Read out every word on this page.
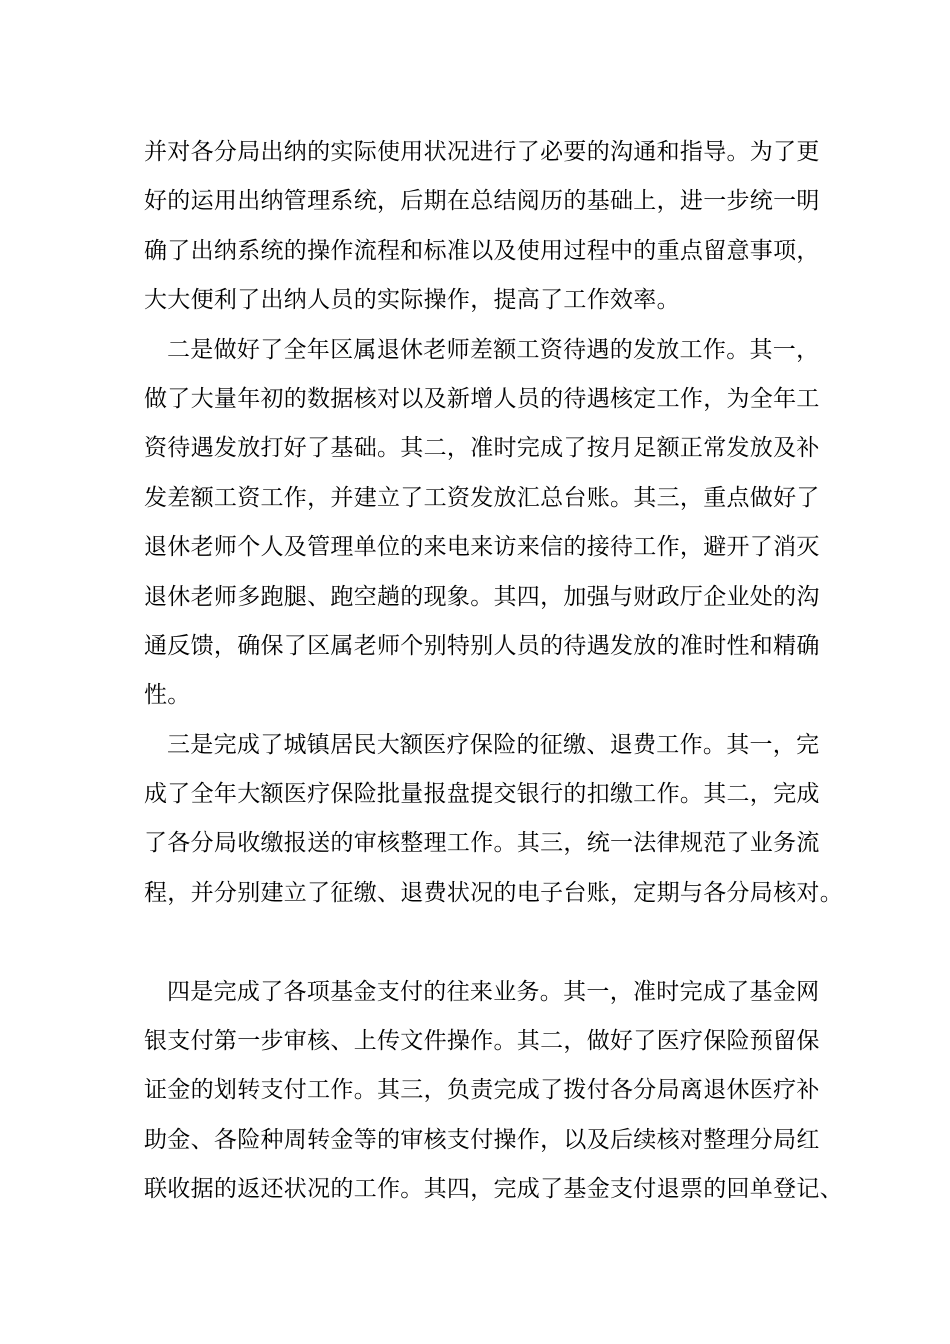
并对各分局出纳的实际使用状况进行了必要的沟通和指导。为了更
好的运用出纳管理系统，后期在总结阅历的基础上，进一步统一明
确了出纳系统的操作流程和标准以及使用过程中的重点留意事项，
大大便利了出纳人员的实际操作，提高了工作效率。
二是做好了全年区属退休老师差额工资待遇的发放工作。其一，
做了大量年初的数据核对以及新增人员的待遇核定工作，为全年工
资待遇发放打好了基础。其二，准时完成了按月足额正常发放及补
发差额工资工作，并建立了工资发放汇总台账。其三，重点做好了
退休老师个人及管理单位的来电来访来信的接待工作，避开了消灭
退休老师多跑腿、跑空趟的现象。其四，加强与财政厅企业处的沟
通反馈，确保了区属老师个别特别人员的待遇发放的准时性和精确
性。
三是完成了城镇居民大额医疗保险的征缴、退费工作。其一，完
成了全年大额医疗保险批量报盘提交银行的扣缴工作。其二，完成
了各分局收缴报送的审核整理工作。其三，统一法律规范了业务流
程，并分别建立了征缴、退费状况的电子台账，定期与各分局核对。
四是完成了各项基金支付的往来业务。其一，准时完成了基金网
银支付第一步审核、上传文件操作。其二，做好了医疗保险预留保
证金的划转支付工作。其三，负责完成了拨付各分局离退休医疗补
助金、各险种周转金等的审核支付操作，以及后续核对整理分局红
联收据的返还状况的工作。其四，完成了基金支付退票的回单登记、
